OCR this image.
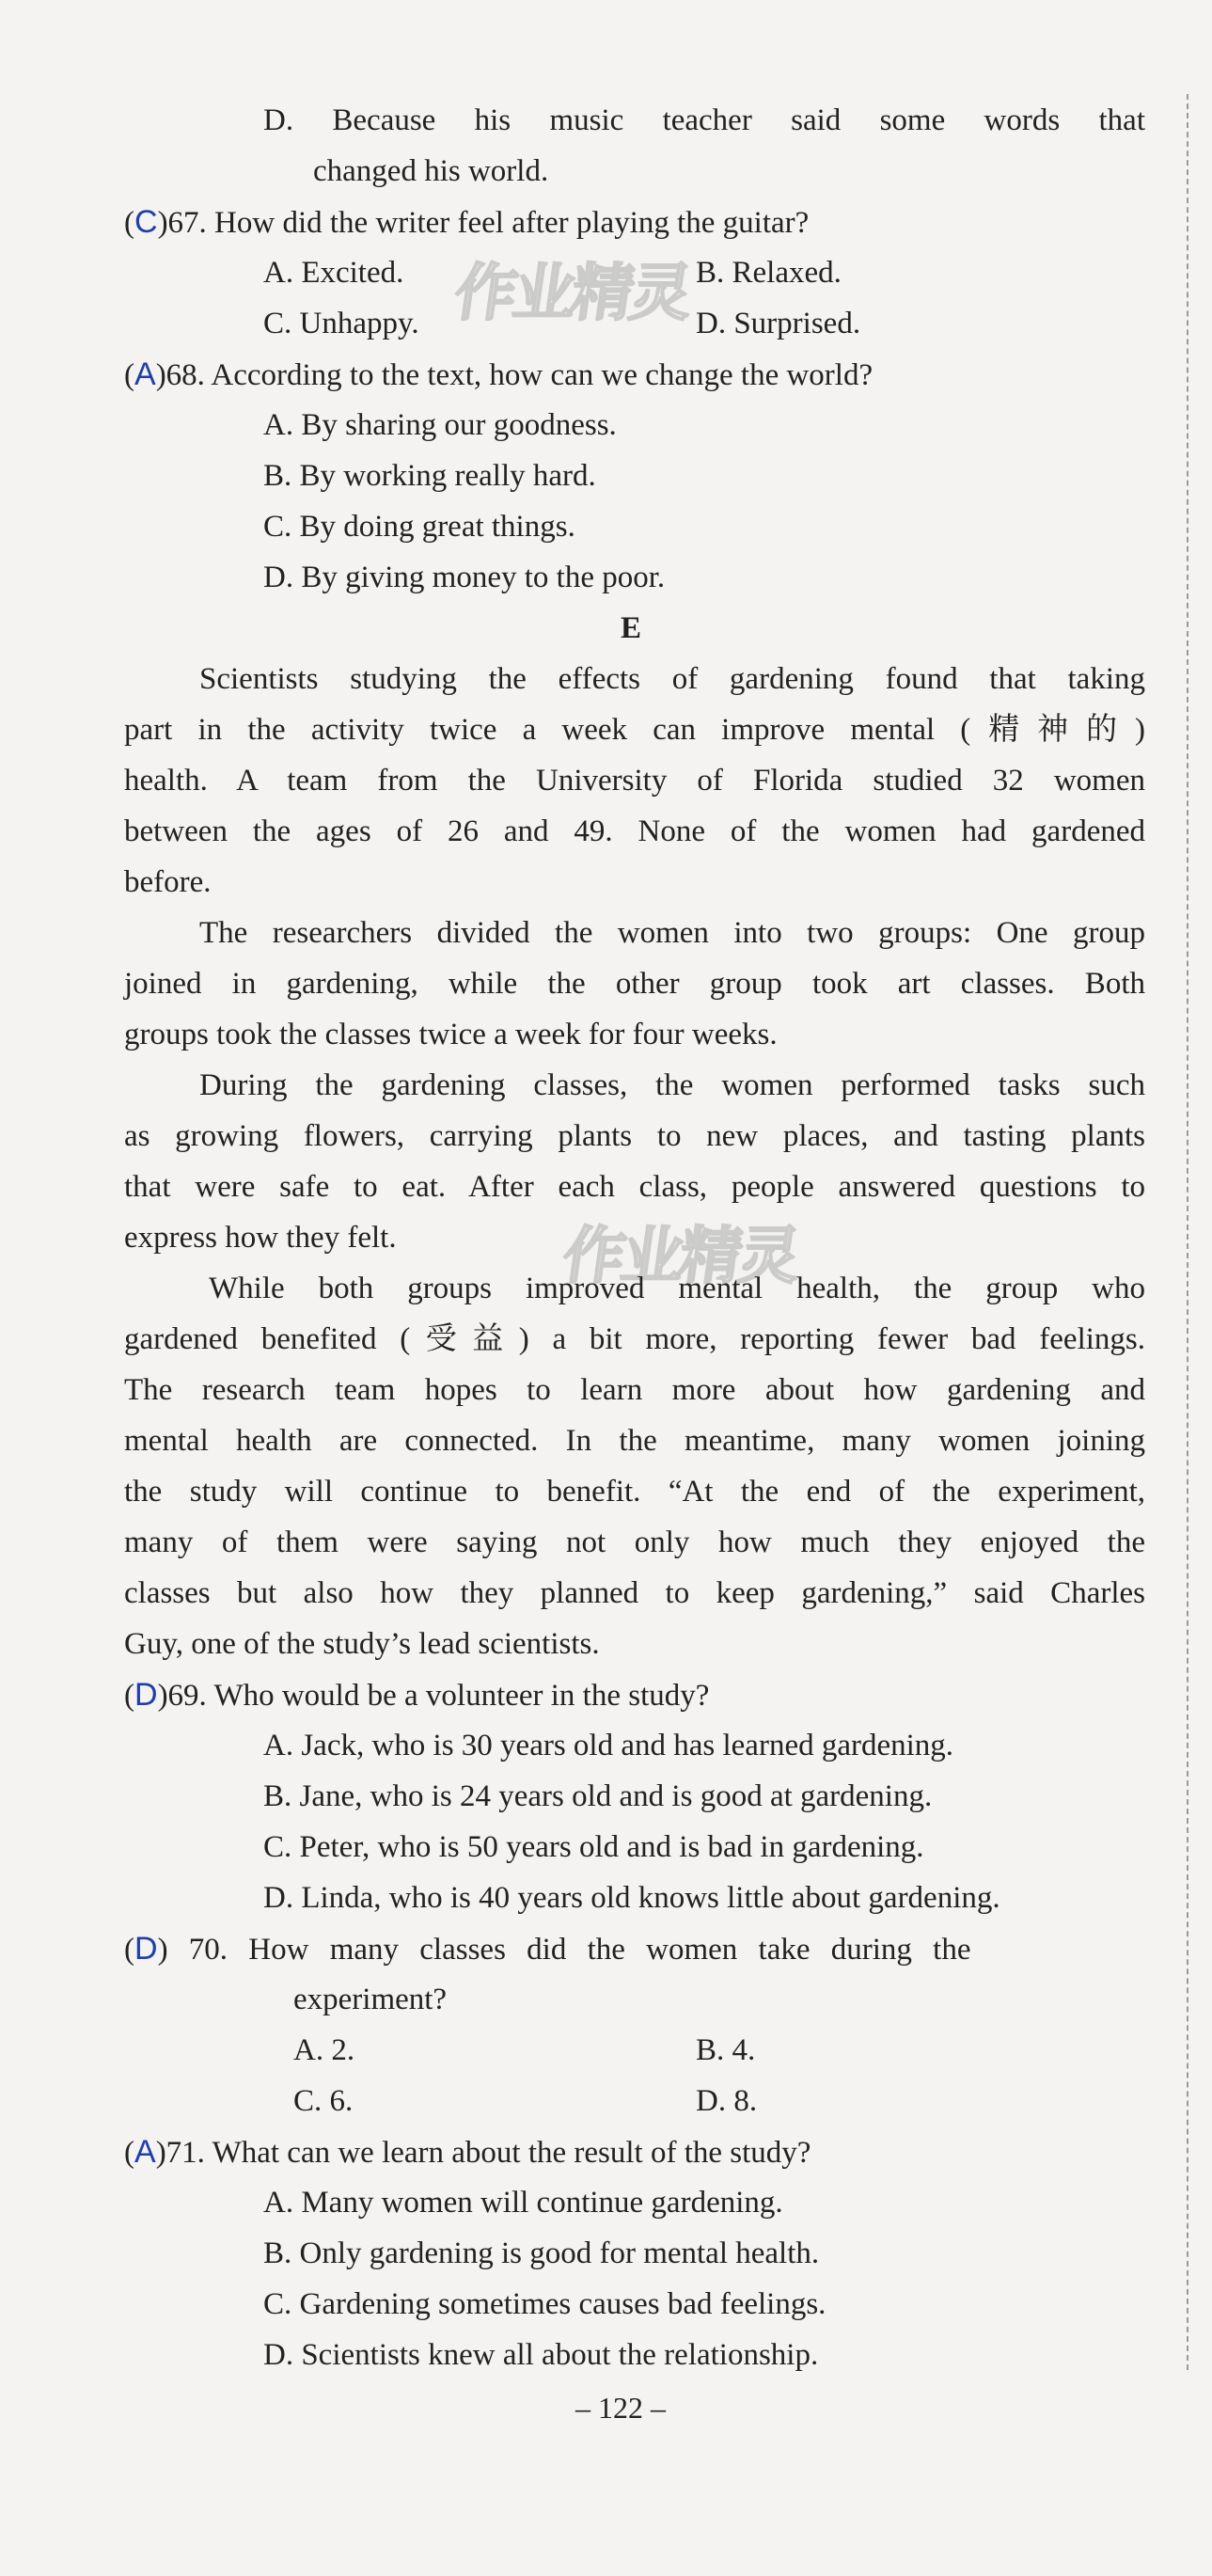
D. Because his music teacher said some words that
changed his world.
(C)67. How did the writer feel after playing the guitar?
A. Excited.	B. Relaxed.
C. Unhappy.	D. Surprised.
作业精灵
(A)68. According to the text, how can we change the world?
A. By sharing our goodness.
B. By working really hard.
C. By doing great things.
D. By giving money to the poor.
E
Scientists studying the effects of gardening found that taking
part in the activity twice a week can improve mental (精神的)
health. A team from the University of Florida studied 32 women
between the ages of 26 and 49. None of the women had gardened
before.
The researchers divided the women into two groups: One group
joined in gardening, while the other group took art classes. Both
groups took the classes twice a week for four weeks.
During the gardening classes, the women performed tasks such
as growing flowers, carrying plants to new places, and tasting plants
that were safe to eat. After each class, people answered questions to
express how they felt.	作业精灵
While both groups improved mental health, the group who
gardened benefited (受益) a bit more, reporting fewer bad feelings.
The research team hopes to learn more about how gardening and
mental health are connected. In the meantime, many women joining
the study will continue to benefit. “At the end of the experiment,
many of them were saying not only how much they enjoyed the
classes but also how they planned to keep gardening,” said Charles
Guy, one of the study’s lead scientists.
(D)69. Who would be a volunteer in the study?
A. Jack, who is 30 years old and has learned gardening.
B. Jane, who is 24 years old and is good at gardening.
C. Peter, who is 50 years old and is bad in gardening.
D. Linda, who is 40 years old knows little about gardening.
(D) 70. How many classes did the women take during the
experiment?
A. 2.	B. 4.
C. 6.	D. 8.
(A)71. What can we learn about the result of the study?
A. Many women will continue gardening.
B. Only gardening is good for mental health.
C. Gardening sometimes causes bad feelings.
D. Scientists knew all about the relationship.
– 122 –
